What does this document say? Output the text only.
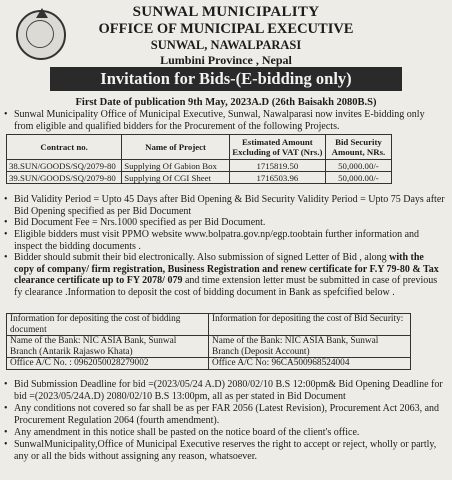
SUNWAL MUNICIPALITY
OFFICE OF MUNICIPAL EXECUTIVE
SUNWAL, NAWALPARASI
Lumbini Province , Nepal
Invitation for Bids-(E-bidding only)
First Date of publication 9th May, 2023A.D (26th Baisakh 2080B.S)
Sunwal Municipality Office of Municipal Executive, Sunwal, Nawalparasi now invites E-bidding only from eligible and qualified bidders for the Procurement of the following Projects.
•
Contract no.	Name of Project	Estimated Amount Excluding of VAT (Nrs.)	Bid Security Amount, NRs.
38.SUN/GOODS/SQ/2079-80	Supplying Of Gabion Box	1715819.50	50,000.00/-
39.SUN/GOODS/SQ/2079-80	Supplying Of CGI Sheet	1716503.96	50,000.00/-
• Bid Validity Period = Upto 45 Days after Bid Opening & Bid Security Validity Period = Upto 75 Days after Bid Opening specified as per Bid Document
• Bid Document Fee = Nrs.1000 specified as per Bid Document.
• Eligible bidders must visit PPMO website www.bolpatra.gov.np/egp.toobtain further information and inspect the bidding documents .
• Bidder should submit their bid electronically. Also submission of signed Letter of Bid , along with the copy of company/ firm registration, Business Registration and renew certificate for F.Y 79-80 & Tax clearance certificate up to FY 2078/ 079 and time extension letter must be submitted in case of previous fy clearance .Information to deposit the cost of bidding document in Bank as spefcified below .
Information for depositing the cost of bidding document	Information for depositing the cost of Bid Security:
Name of the Bank: NIC ASIA Bank, Sunwal Branch (Antarik Rajaswo Khata)	Name of the Bank: NIC ASIA Bank, Sunwal Branch (Deposit Account)
Office A/C No. : 0962050028279002	Office A/C No: 96CA500968524004
• Bid Submission Deadline for bid =(2023/05/24 A.D) 2080/02/10 B.S 12:00pm& Bid Opening Deadline for bid =(2023/05/24A.D) 2080/02/10 B.S 13:00pm, all as per stated in Bid Document
• Any conditions not covered so far shall be as per FAR 2056 (Latest Revision), Procurement Act 2063, and Procurement Regulation 2064 (fourth amendment).
• Any amendment in this notice shall be pasted on the notice board of the client's office.
• SunwalMunicipality,Office of Municipal Executive reserves the right to accept or reject, wholly or partly, any or all the bids without assigning any reason, whatsoever.
